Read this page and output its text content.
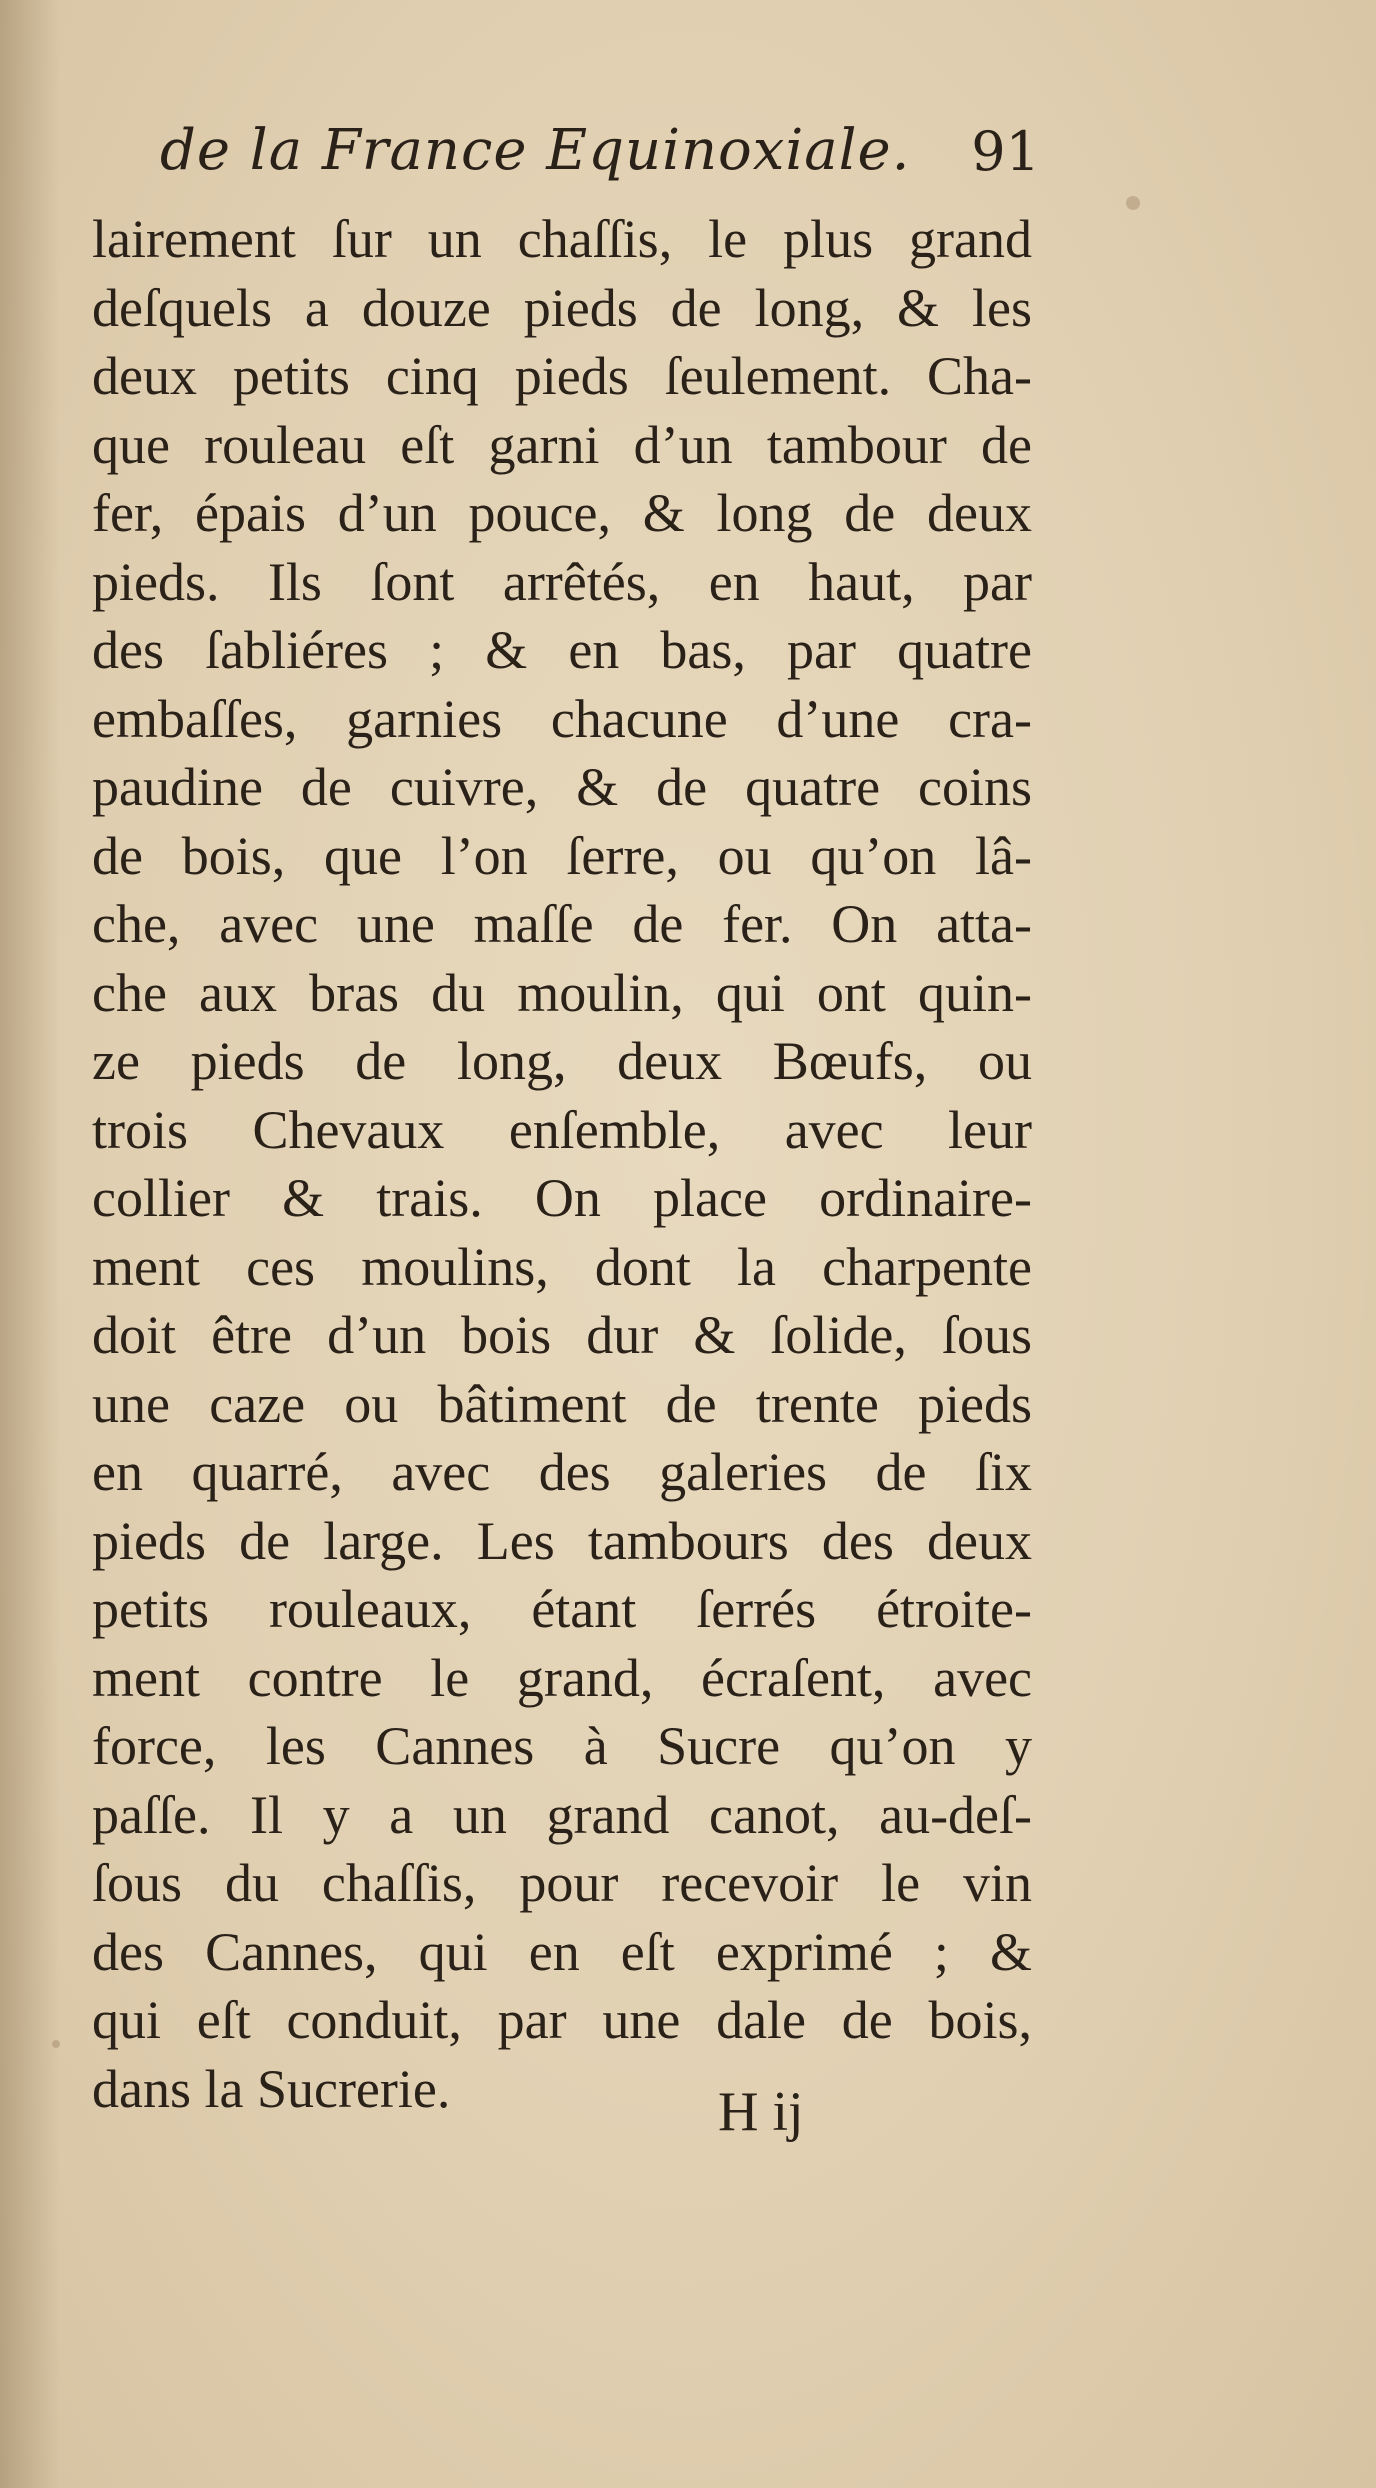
de la France Equinoxiale. 91
lairement ſur un chaſſis, le plus grand
deſquels a douze pieds de long, & les
deux petits cinq pieds ſeulement. Cha-
que rouleau eſt garni d’un tambour de
fer, épais d’un pouce, & long de deux
pieds. Ils ſont arrêtés, en haut, par
des ſabliéres ; & en bas, par quatre
embaſſes, garnies chacune d’une cra-
paudine de cuivre, & de quatre coins
de bois, que l’on ſerre, ou qu’on lâ-
che, avec une maſſe de fer. On atta-
che aux bras du moulin, qui ont quin-
ze pieds de long, deux Bœufs, ou
trois Chevaux enſemble, avec leur
collier & trais. On place ordinaire-
ment ces moulins, dont la charpente
doit être d’un bois dur & ſolide, ſous
une caze ou bâtiment de trente pieds
en quarré, avec des galeries de ſix
pieds de large. Les tambours des deux
petits rouleaux, étant ſerrés étroite-
ment contre le grand, écraſent, avec
force, les Cannes à Sucre qu’on y
paſſe. Il y a un grand canot, au-deſ-
ſous du chaſſis, pour recevoir le vin
des Cannes, qui en eſt exprimé ; &
qui eſt conduit, par une dale de bois,
dans la Sucrerie.	H ij
